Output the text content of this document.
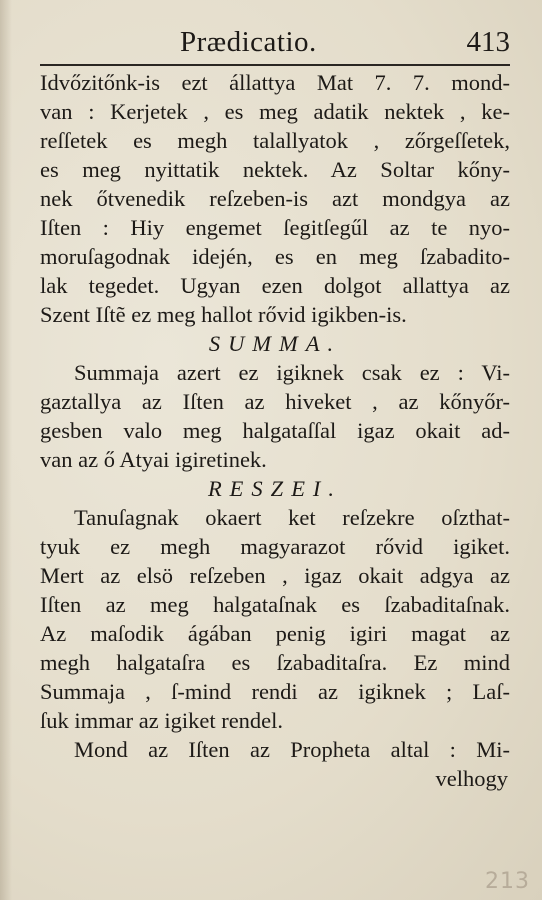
Prædicatio.	413
Idvőzitőnk-is ezt állattya Mat 7. 7. mond-
van : Kerjetek , es meg adatik nektek , ke-
reſſetek es megh talallyatok , zőrgeſſetek,
es meg nyittatik nektek. Az Soltar kőny-
nek őtvenedik reſzeben-is azt mondgya az
Iſten : Hiy engemet ſegitſegűl az te nyo-
moruſagodnak idején, es en meg ſzabadito-
lak tegedet. Ugyan ezen dolgot allattya az
Szent Iſtẽ ez meg hallot rővid igikben-is.
SUMMA.
Summaja azert ez igiknek csak ez : Vi-
gaztallya az Iſten az hiveket , az kőnyőr-
gesben valo meg halgataſſal igaz okait ad-
van az ő Atyai igiretinek.
RESZEI.
Tanuſagnak okaert ket reſzekre oſzthat-
tyuk ez megh magyarazot rővid igiket.
Mert az elsö reſzeben , igaz okait adgya az
Iſten az meg halgataſnak es ſzabaditaſnak.
Az maſodik ágában penig igiri magat az
megh halgataſra es ſzabaditaſra. Ez mind
Summaja , ſ-mind rendi az igiknek ; Laſ-
ſuk immar az igiket rendel.
Mond az Iſten az Propheta altal : Mi-
velhogy
213
